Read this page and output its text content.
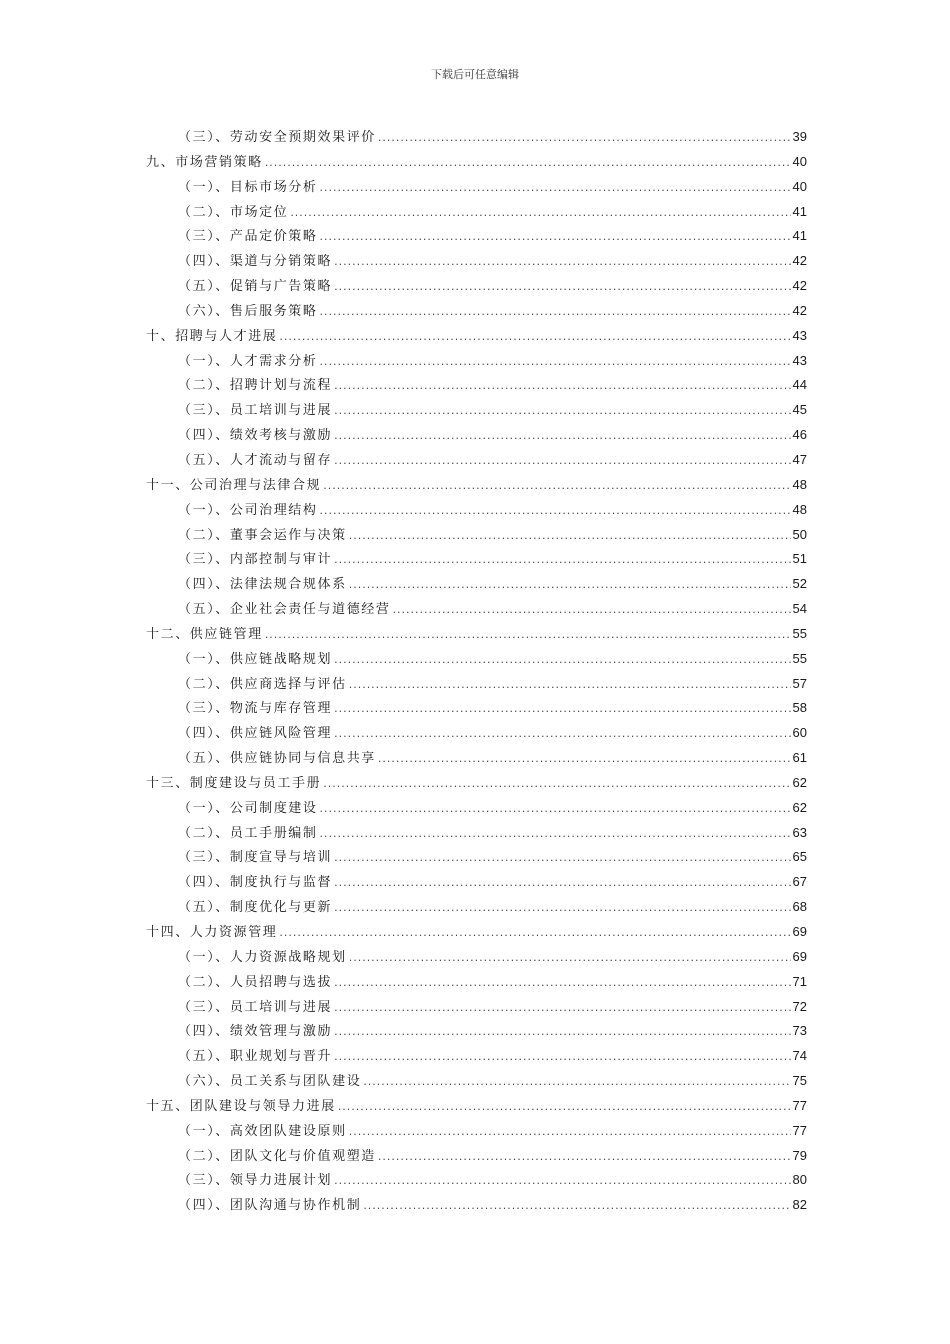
下载后可任意编辑
（三）、劳动安全预期效果评价 .....	39
九、市场营销策略 .....	40
（一）、目标市场分析 .....	40
（二）、市场定位 .....	41
（三）、产品定价策略 .....	41
（四）、渠道与分销策略 .....	42
（五）、促销与广告策略 .....	42
（六）、售后服务策略 .....	42
十、招聘与人才进展 .....	43
（一）、人才需求分析 .....	43
（二）、招聘计划与流程 .....	44
（三）、员工培训与进展 .....	45
（四）、绩效考核与激励 .....	46
（五）、人才流动与留存 .....	47
十一、公司治理与法律合规 .....	48
（一）、公司治理结构 .....	48
（二）、董事会运作与决策 .....	50
（三）、内部控制与审计 .....	51
（四）、法律法规合规体系 .....	52
（五）、企业社会责任与道德经营 .....	54
十二、供应链管理 .....	55
（一）、供应链战略规划 .....	55
（二）、供应商选择与评估 .....	57
（三）、物流与库存管理 .....	58
（四）、供应链风险管理 .....	60
（五）、供应链协同与信息共享 .....	61
十三、制度建设与员工手册 .....	62
（一）、公司制度建设 .....	62
（二）、员工手册编制 .....	63
（三）、制度宣导与培训 .....	65
（四）、制度执行与监督 .....	67
（五）、制度优化与更新 .....	68
十四、人力资源管理 .....	69
（一）、人力资源战略规划 .....	69
（二）、人员招聘与选拔 .....	71
（三）、员工培训与进展 .....	72
（四）、绩效管理与激励 .....	73
（五）、职业规划与晋升 .....	74
（六）、员工关系与团队建设 .....	75
十五、团队建设与领导力进展 .....	77
（一）、高效团队建设原则 .....	77
（二）、团队文化与价值观塑造 .....	79
（三）、领导力进展计划 .....	80
（四）、团队沟通与协作机制 .....	82
